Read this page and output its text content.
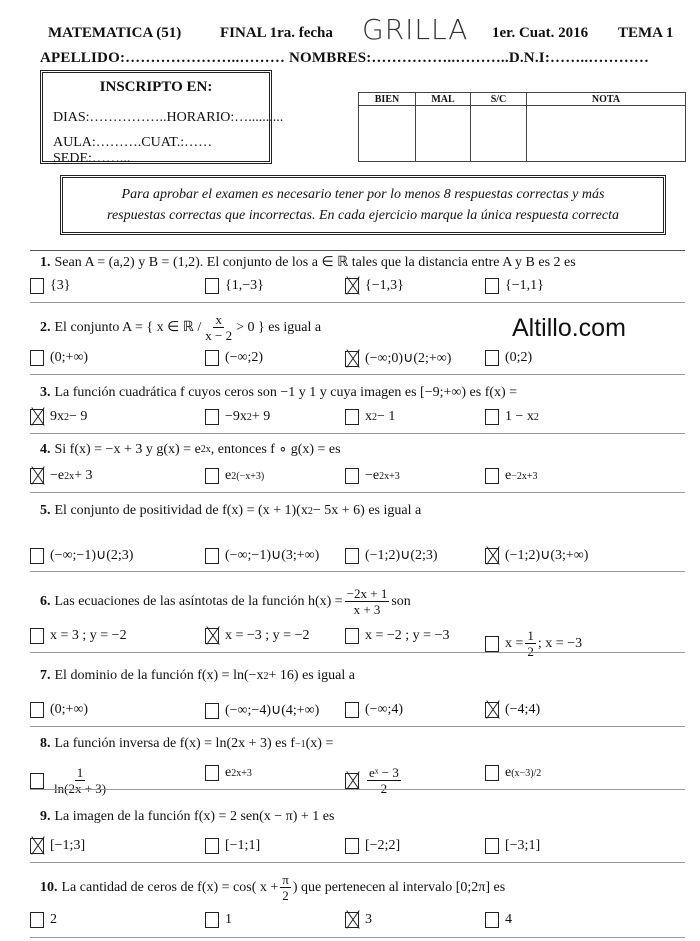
MATEMATICA (51)	FINAL 1ra. fecha GRILLA 1er. Cuat. 2016 TEMA 1
APELLIDO:…………………..……… NOMBRES:……………..………..D.N.I:……..…………
INSCRIPTO EN:
DIAS:……………..HORARIO:…..........
AULA:……….CUAT.:…… SEDE:……...
BIEN	MAL	S/C	NOTA

Para aprobar el examen es necesario tener por lo menos 8 respuestas correctas y más
respuestas correctas que incorrectas. En cada ejercicio marque la única respuesta correcta
Altillo.com
1. Sean A = (a,2) y B = (1,2). El conjunto de los a ∈ ℝ tales que la distancia entre A y B es 2 es
{3}	{1,−3}	{−1,3}	{−1,1}
2. El conjunto A = { x ∈ ℝ / $\frac{x}{x - 2} > 0$ } es igual a
(0;+∞)	(−∞;2)	(−∞;0)∪(2;+∞)	(0;2)
3. La función cuadrática f cuyos ceros son −1 y 1 y cuya imagen es [−9;+∞) es f(x) =
9x 2 − 9	−9x 2 + 9	x 2 − 1	1 − x 2
4. Si f(x) = −x + 3 y g(x) = e 2x , entonces f ∘ g(x) = es
−e 2x + 3	e 2(−x+3)	−e 2x+3	e −2x+3
5. El conjunto de positividad de f(x) = (x + 1)(x 2 − 5x + 6) es igual a
(−∞;−1)∪(2;3)	(−∞;−1)∪(3;+∞)	(−1;2)∪(2;3)	(−1;2)∪(3;+∞)
6. Las ecuaciones de las asíntotas de la función $h(x) = \frac{-2x + 1}{x + 3}$ son
x = 3 ; y = −2	x = −3 ; y = −2	x = −2 ; y = −3	$x = \frac{1}{2}$ ; x = −3
7. El dominio de la función f(x) = ln(−x 2 + 16) es igual a
(0;+∞)	(−∞;−4)∪(4;+∞)	(−∞;4)	(−4;4)
8. La función inversa de f(x) = ln(2x + 3) es f −1 (x) =
$\frac{1}{\ln(2x + 3)}$	e 2x+3	$\frac{\text{eˣ − 3}}{2}$	e (x−3)/2
9. La imagen de la función f(x) = 2 sen(x − π) + 1 es
[−1;3]	[−1;1]	[−2;2]	[−3;1]
10. La cantidad de ceros de f(x) = cos( $x + \frac{\pi}{2}$ ) que pertenecen al intervalo [0;2π] es
2	1	3	4
